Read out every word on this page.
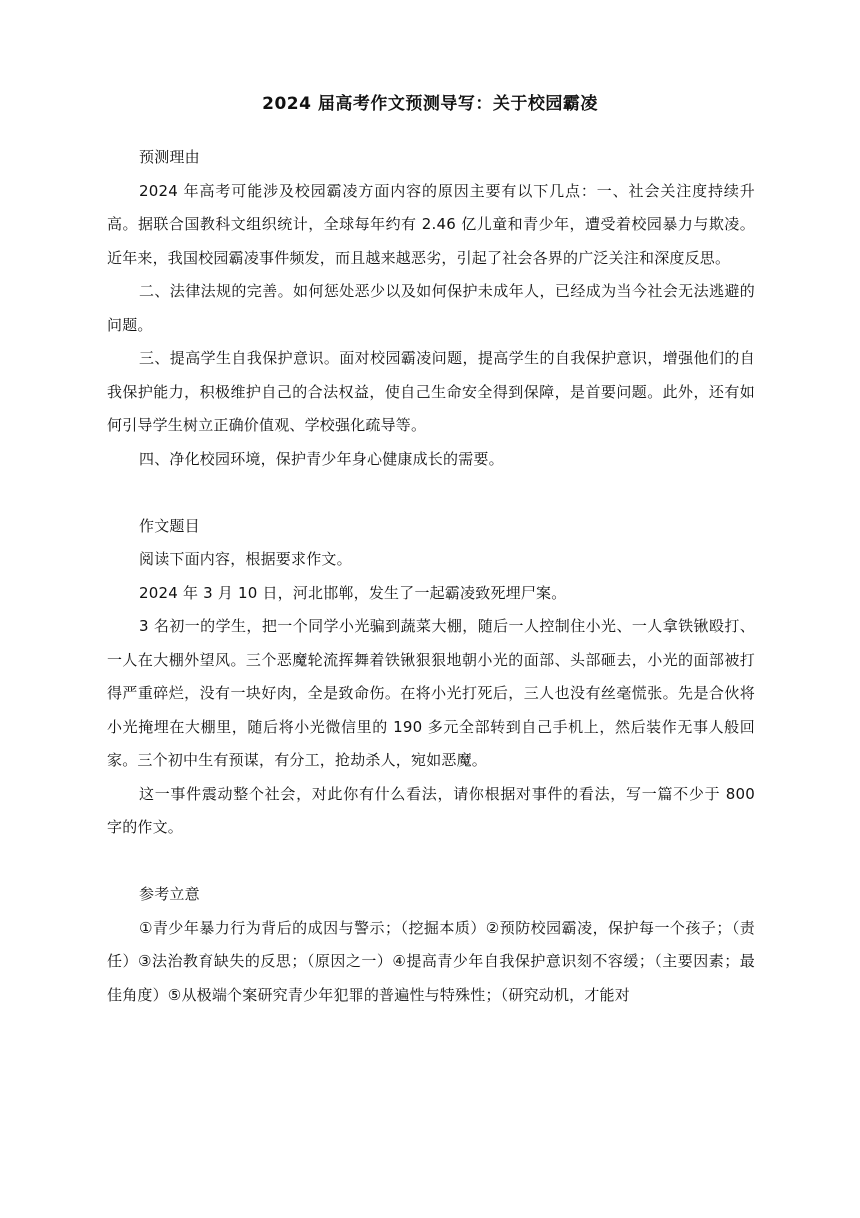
2024 届高考作文预测导写：关于校园霸凌

预测理由

2024 年高考可能涉及校园霸凌方面内容的原因主要有以下几点：一、社会关注度持续升高。据联合国教科文组织统计，全球每年约有 2.46 亿儿童和青少年，遭受着校园暴力与欺凌。近年来，我国校园霸凌事件频发，而且越来越恶劣，引起了社会各界的广泛关注和深度反思。

二、法律法规的完善。如何惩处恶少以及如何保护未成年人，已经成为当今社会无法逃避的问题。

三、提高学生自我保护意识。面对校园霸凌问题，提高学生的自我保护意识，增强他们的自我保护能力，积极维护自己的合法权益，使自己生命安全得到保障，是首要问题。此外，还有如何引导学生树立正确价值观、学校强化疏导等。

四、净化校园环境，保护青少年身心健康成长的需要。

作文题目

阅读下面内容，根据要求作文。

2024 年 3 月 10 日，河北邯郸，发生了一起霸凌致死埋尸案。

3 名初一的学生，把一个同学小光骗到蔬菜大棚，随后一人控制住小光、一人拿铁锹殴打、一人在大棚外望风。三个恶魔轮流挥舞着铁锹狠狠地朝小光的面部、头部砸去，小光的面部被打得严重碎烂，没有一块好肉，全是致命伤。在将小光打死后，三人也没有丝毫慌张。先是合伙将小光掩埋在大棚里，随后将小光微信里的 190 多元全部转到自己手机上，然后装作无事人般回家。三个初中生有预谋，有分工，抢劫杀人，宛如恶魔。

这一事件震动整个社会，对此你有什么看法，请你根据对事件的看法，写一篇不少于 800 字的作文。

参考立意

①青少年暴力行为背后的成因与警示；（挖掘本质）②预防校园霸凌，保护每一个孩子；（责任）③法治教育缺失的反思；（原因之一）④提高青少年自我保护意识刻不容缓；（主要因素；最佳角度）⑤从极端个案研究青少年犯罪的普遍性与特殊性；（研究动机，才能对
